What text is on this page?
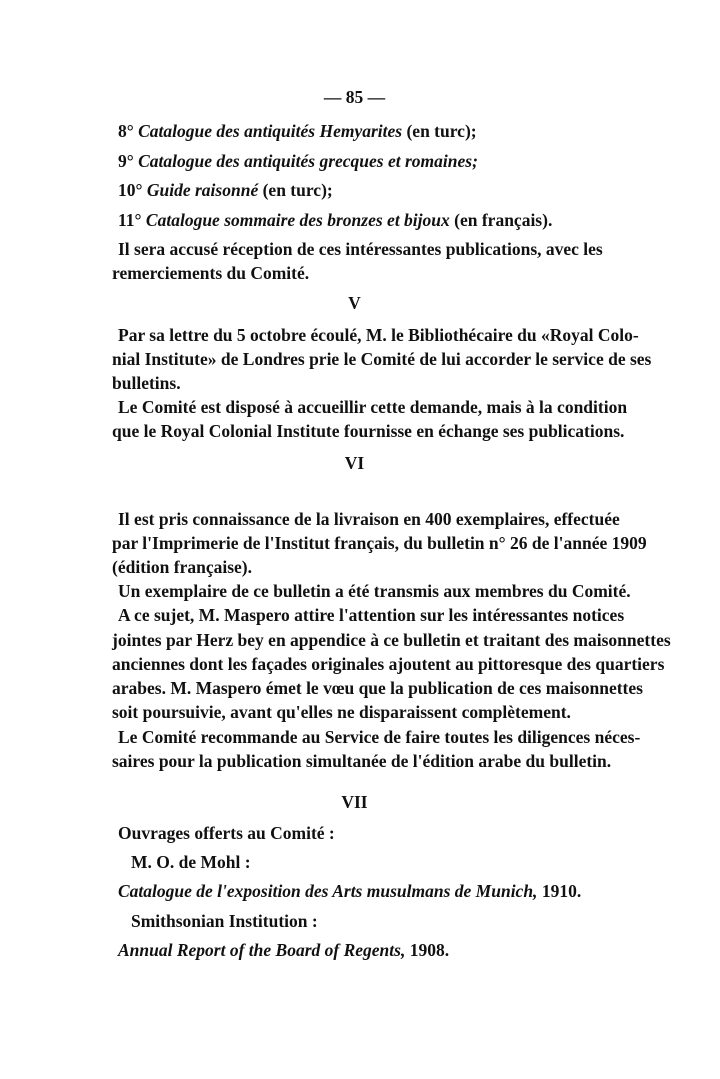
— 85 —
8° Catalogue des antiquités Hemyarites (en turc);
9° Catalogue des antiquités grecques et romaines;
10° Guide raisonné (en turc);
11° Catalogue sommaire des bronzes et bijoux (en français).
Il sera accusé réception de ces intéressantes publications, avec les
remerciements du Comité.
V
Par sa lettre du 5 octobre écoulé, M. le Bibliothécaire du «Royal Colo-
nial Institute» de Londres prie le Comité de lui accorder le service de ses
bulletins.
Le Comité est disposé à accueillir cette demande, mais à la condition
que le Royal Colonial Institute fournisse en échange ses publications.
VI
Il est pris connaissance de la livraison en 400 exemplaires, effectuée
par l'Imprimerie de l'Institut français, du bulletin n° 26 de l'année 1909
(édition française).
Un exemplaire de ce bulletin a été transmis aux membres du Comité.
A ce sujet, M. Maspero attire l'attention sur les intéressantes notices
jointes par Herz bey en appendice à ce bulletin et traitant des maisonnettes
anciennes dont les façades originales ajoutent au pittoresque des quartiers
arabes. M. Maspero émet le vœu que la publication de ces maisonnettes
soit poursuivie, avant qu'elles ne disparaissent complètement.
Le Comité recommande au Service de faire toutes les diligences néces-
saires pour la publication simultanée de l'édition arabe du bulletin.
VII
Ouvrages offerts au Comité :
M. O. de Mohl :
Catalogue de l'exposition des Arts musulmans de Munich, 1910.
Smithsonian Institution :
Annual Report of the Board of Regents, 1908.
